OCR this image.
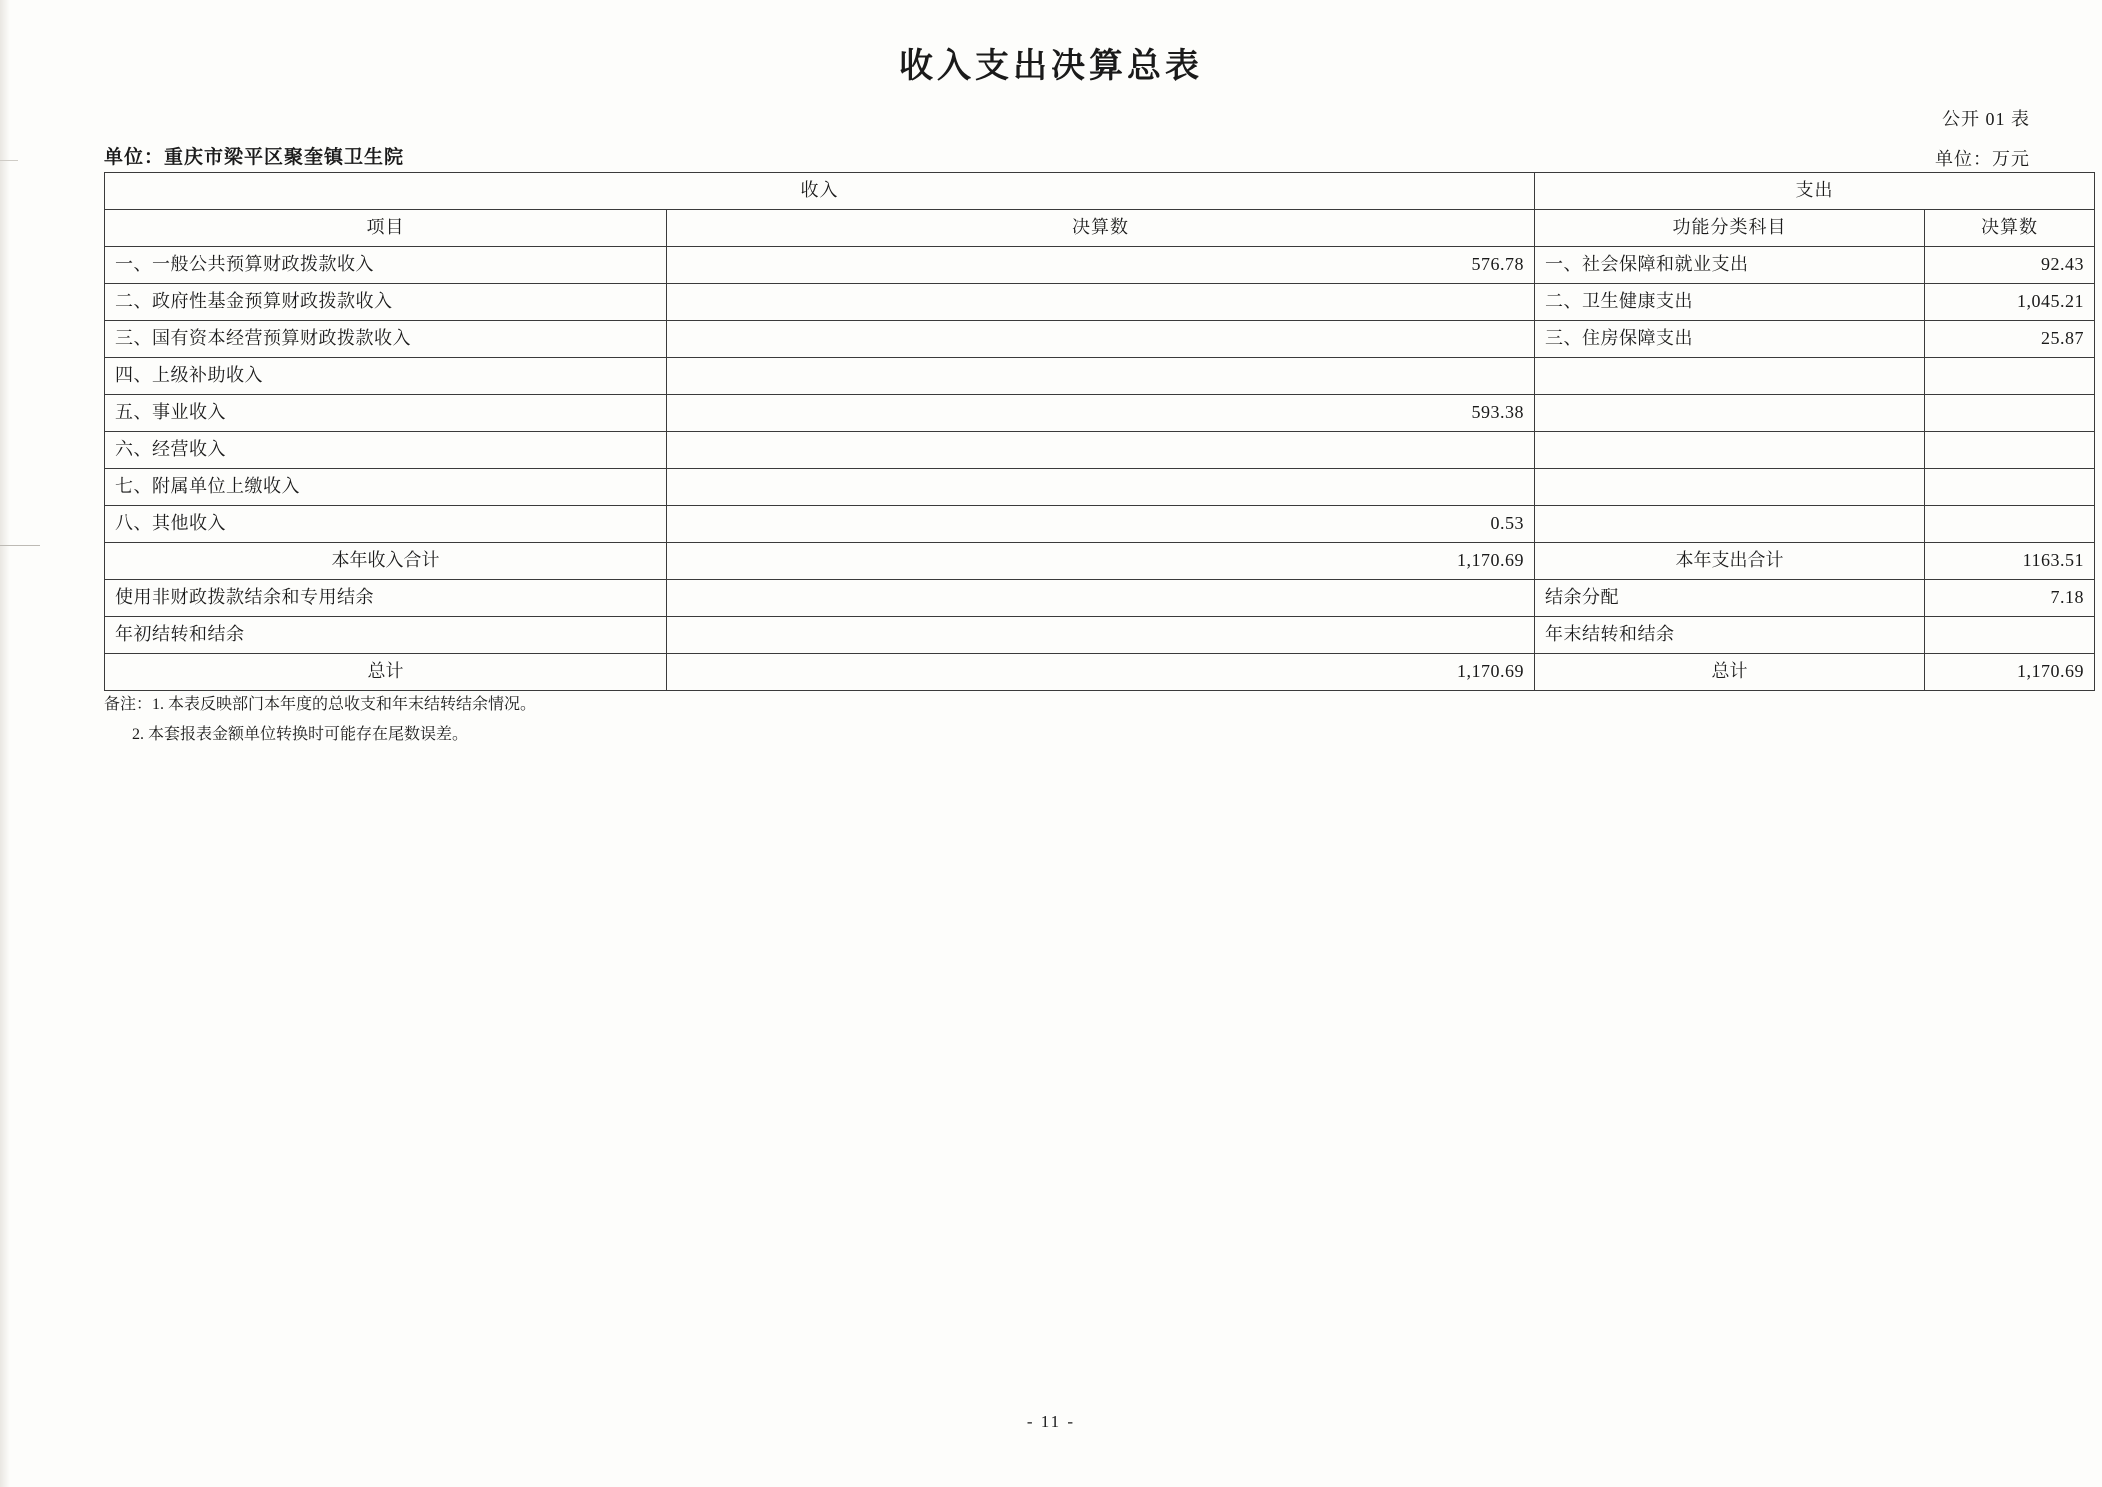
收入支出决算总表
公开 01 表
单位：重庆市梁平区聚奎镇卫生院	单位：万元
收入		支出	
项目	决算数	功能分类科目	决算数
一、一般公共预算财政拨款收入	576.78	一、社会保障和就业支出	92.43
二、政府性基金预算财政拨款收入		二、卫生健康支出	1,045.21
三、国有资本经营预算财政拨款收入		三、住房保障支出	25.87
四、上级补助收入			
五、事业收入	593.38		
六、经营收入			
七、附属单位上缴收入			
八、其他收入	0.53		
本年收入合计	1,170.69	本年支出合计	1163.51
使用非财政拨款结余和专用结余		结余分配	7.18
年初结转和结余		年末结转和结余	
总计	1,170.69	总计	1,170.69
备注：1. 本表反映部门本年度的总收支和年末结转结余情况。
2. 本套报表金额单位转换时可能存在尾数误差。
- 11 -
